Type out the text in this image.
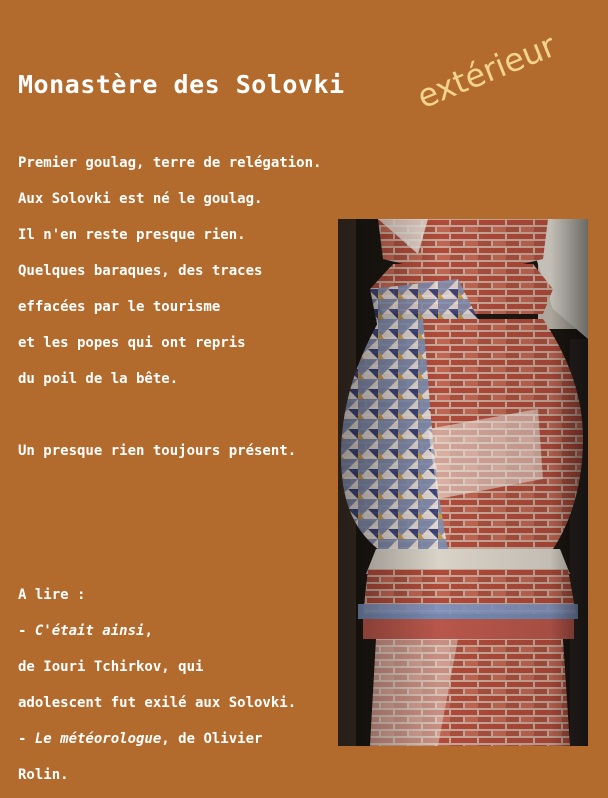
Monastère des Solovki extérieur
Premier goulag, terre de relégation.
Aux Solovki est né le goulag.
Il n'en reste presque rien.
Quelques baraques, des traces
effacées par le tourisme
et les popes qui ont repris
du poil de la bête.
Un presque rien toujours présent.
A lire :
- C'était ainsi,
de Iouri Tchirkov, qui
adolescent fut exilé aux Solovki.
- Le météorologue, de Olivier
Rolin.
